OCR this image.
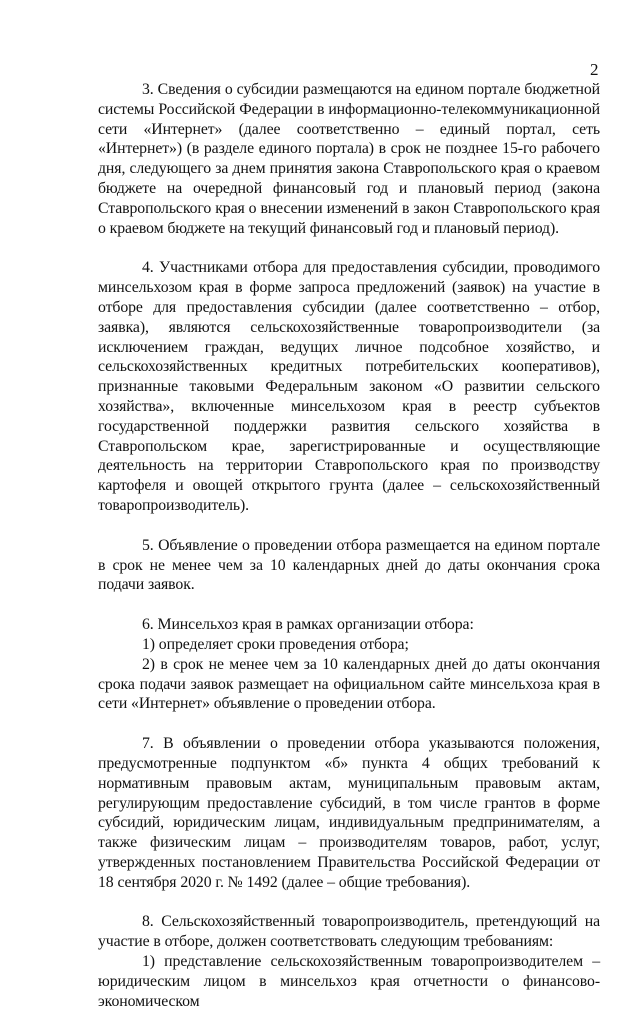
2

3. Сведения о субсидии размещаются на едином портале бюджетной системы Российской Федерации в информационно-телекоммуникационной сети «Интернет» (далее соответственно – единый портал, сеть «Интернет») (в разделе единого портала) в срок не позднее 15-го рабочего дня, следующего за днем принятия закона Ставропольского края о краевом бюджете на очередной финансовый год и плановый период (закона Ставропольского края о внесении изменений в закон Ставропольского края о краевом бюджете на текущий финансовый год и плановый период).

4. Участниками отбора для предоставления субсидии, проводимого минсельхозом края в форме запроса предложений (заявок) на участие в отборе для предоставления субсидии (далее соответственно – отбор, заявка), являются сельскохозяйственные товаропроизводители (за исключением граждан, ведущих личное подсобное хозяйство, и сельскохозяйственных кредитных потребительских кооперативов), признанные таковыми Федеральным законом «О развитии сельского хозяйства», включенные минсельхозом края в реестр субъектов государственной поддержки развития сельского хозяйства в Ставропольском крае, зарегистрированные и осуществляющие деятельность на территории Ставропольского края по производству картофеля и овощей открытого грунта (далее – сельскохозяйственный товаропроизводитель).

5. Объявление о проведении отбора размещается на едином портале в срок не менее чем за 10 календарных дней до даты окончания срока подачи заявок.

6. Минсельхоз края в рамках организации отбора:

1) определяет сроки проведения отбора;

2) в срок не менее чем за 10 календарных дней до даты окончания срока подачи заявок размещает на официальном сайте минсельхоза края в сети «Интернет» объявление о проведении отбора.

7. В объявлении о проведении отбора указываются положения, предусмотренные подпунктом «б» пункта 4 общих требований к нормативным правовым актам, муниципальным правовым актам, регулирующим предоставление субсидий, в том числе грантов в форме субсидий, юридическим лицам, индивидуальным предпринимателям, а также физическим лицам – производителям товаров, работ, услуг, утвержденных постановлением Правительства Российской Федерации от 18 сентября 2020 г. № 1492 (далее – общие требования).

8. Сельскохозяйственный товаропроизводитель, претендующий на участие в отборе, должен соответствовать следующим требованиям:

1) представление сельскохозяйственным товаропроизводителем – юридическим лицом в минсельхоз края отчетности о финансово-экономическом
